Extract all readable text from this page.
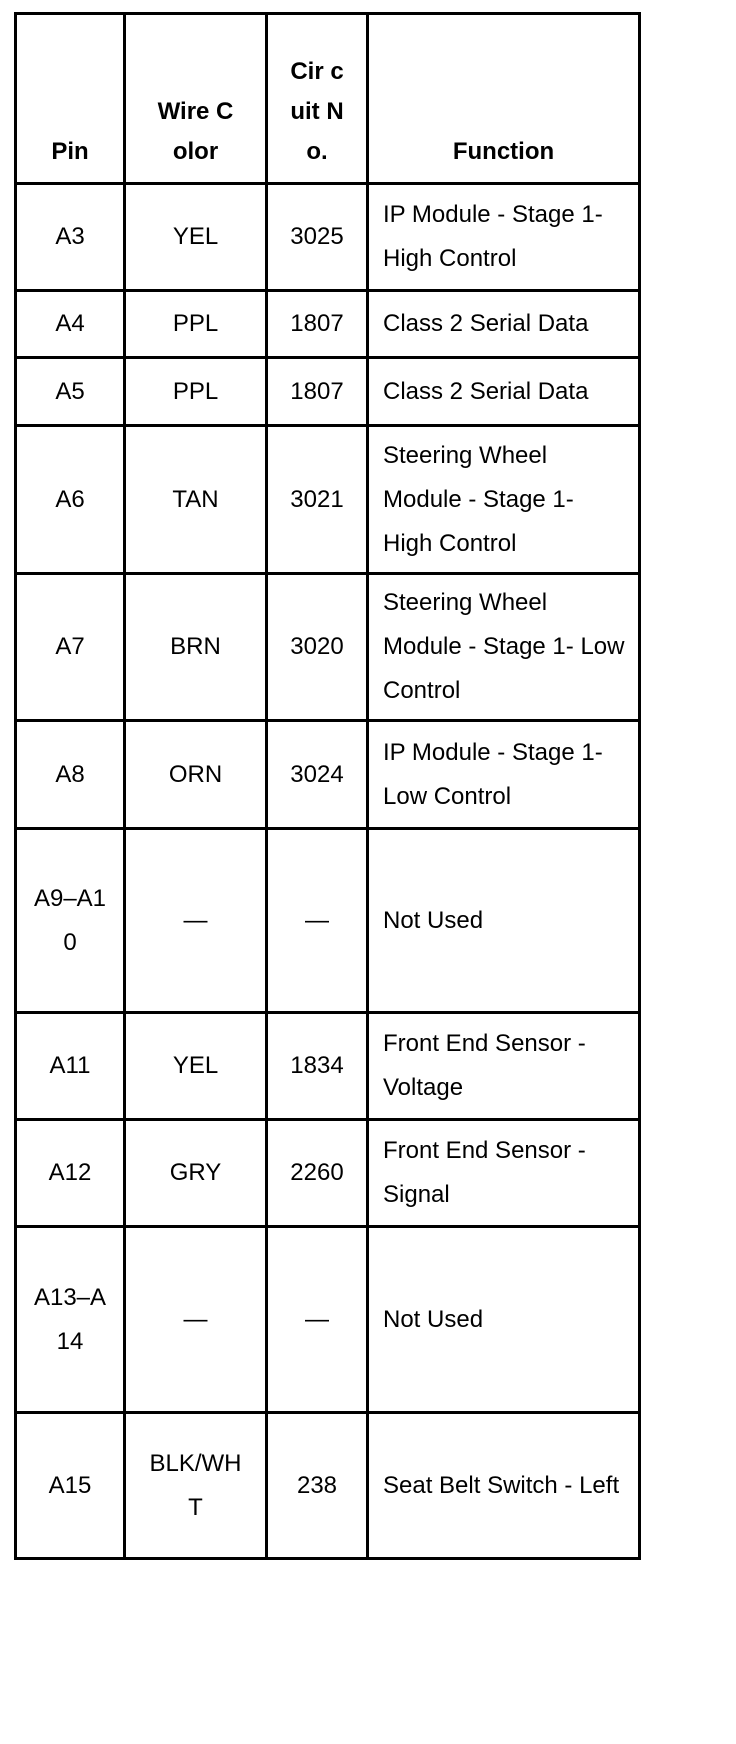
Pin	Wire Color	Cir cuit No.	Function
A3	YEL	3025	IP Module - Stage 1- High Control
A4	PPL	1807	Class 2 Serial Data
A5	PPL	1807	Class 2 Serial Data
A6	TAN	3021	Steering Wheel Module - Stage 1- High Control
A7	BRN	3020	Steering Wheel Module - Stage 1- Low Control
A8	ORN	3024	IP Module - Stage 1- Low Control
A9–A10	—	—	Not Used
A11	YEL	1834	Front End Sensor - Voltage
A12	GRY	2260	Front End Sensor - Signal
A13–A14	—	—	Not Used
A15	BLK/WHT	238	Seat Belt Switch - Left
